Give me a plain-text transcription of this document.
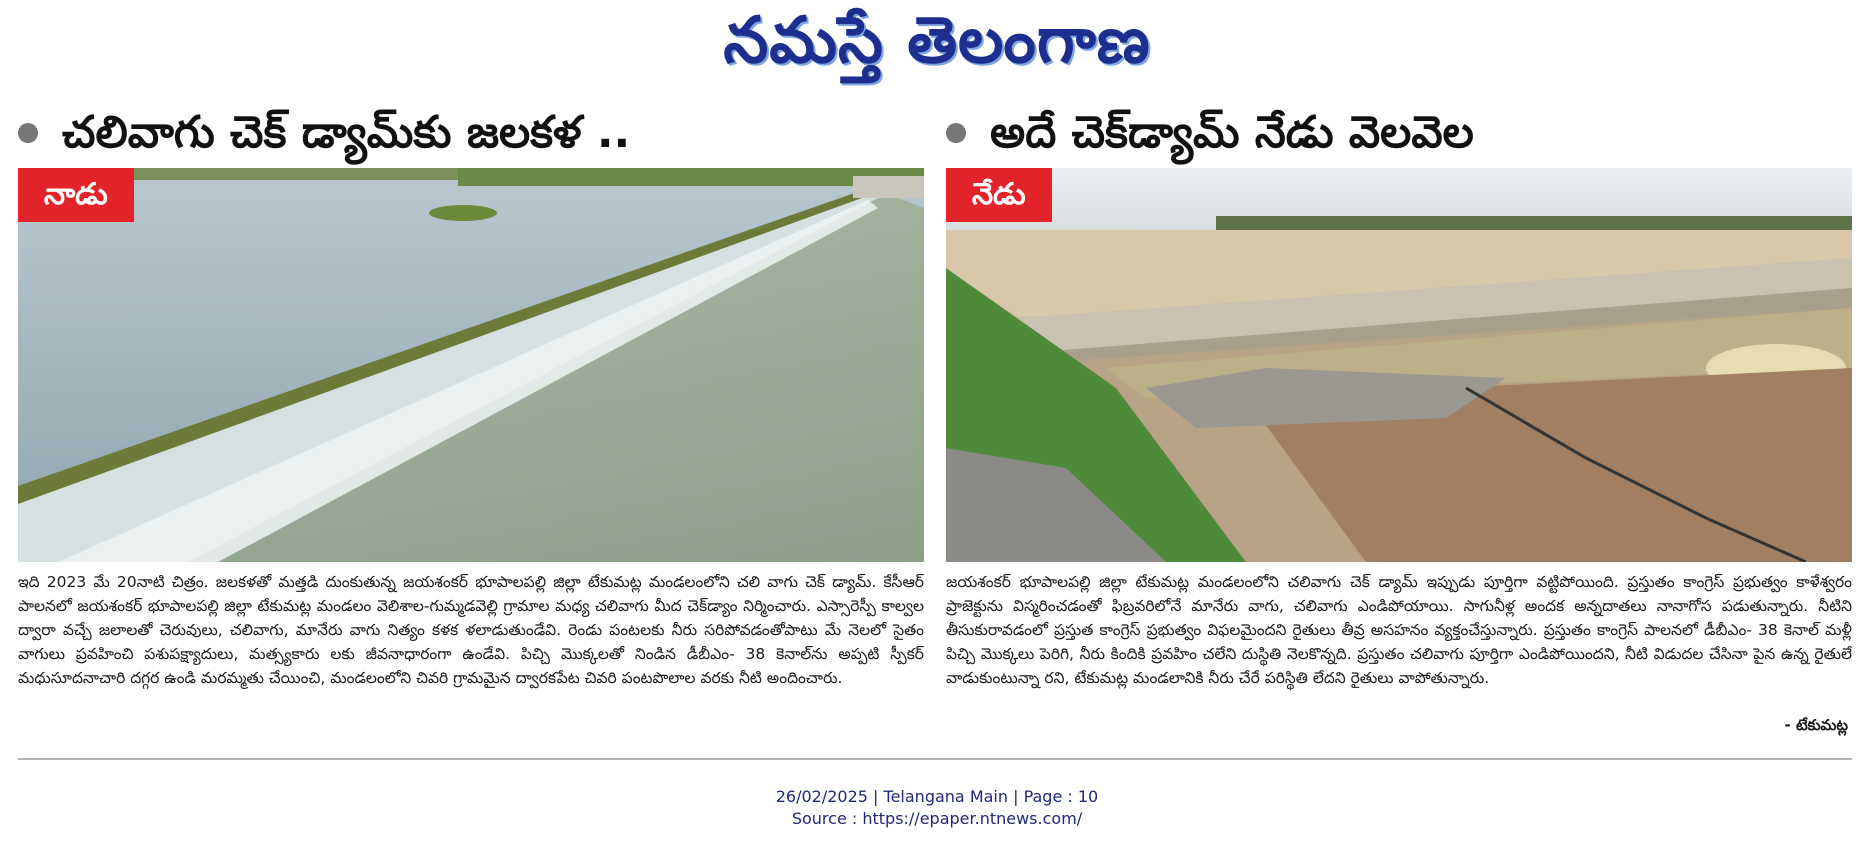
నమస్తే తెలంగాణ
చలివాగు చెక్ డ్యామ్‌కు జలకళ ..
నాడు
ఇది 2023 మే 20నాటి చిత్రం. జలకళతో మత్తడి దుంకుతున్న జయశంకర్ భూపాలపల్లి జిల్లా టేకుమట్ల మండలంలోని చలి వాగు చెక్ డ్యామ్. కేసీఆర్ పాలనలో జయశంకర్ భూపాలపల్లి జిల్లా టేకుమట్ల మండలం వెలిశాల-గుమ్మడవెల్లి గ్రామాల మధ్య చలివాగు మీద చెక్‌డ్యాం నిర్మించారు. ఎస్సారెస్పీ కాల్వల ద్వారా వచ్చే జలాలతో చెరువులు, చలివాగు, మానేరు వాగు నిత్యం కళక ళలాడుతుండేవి. రెండు పంటలకు నీరు సరిపోవడంతోపాటు మే నెలలో సైతం వాగులు ప్రవహించి పశుపక్ష్యాదులు, మత్స్యకారు లకు జీవనాధారంగా ఉండేవి. పిచ్చి మొక్కలతో నిండిన డీబీఎం- 38 కెనాల్‌ను అప్పటి స్పీకర్ మధుసూదనాచారి దగ్గర ఉండి మరమ్మతు చేయించి, మండలంలోని చివరి గ్రామమైన ద్వారకపేట చివరి పంటపొలాల వరకు నీటి అందించారు.
అదే చెక్‌డ్యామ్ నేడు వెలవెల
నేడు
జయశంకర్ భూపాలపల్లి జిల్లా టేకుమట్ల మండలంలోని చలివాగు చెక్ డ్యామ్ ఇప్పుడు పూర్తిగా వట్టిపోయింది. ప్రస్తుతం కాంగ్రెస్ ప్రభుత్వం కాళేశ్వరం ప్రాజెక్టును విస్మరించడంతో ఫిబ్రవరిలోనే మానేరు వాగు, చలివాగు ఎండిపోయాయి. సాగునీళ్ల అందక అన్నదాతలు నానాగోస పడుతున్నారు. నీటిని తీసుకురావడంలో ప్రస్తుత కాంగ్రెస్ ప్రభుత్వం విఫలమైందని రైతులు తీవ్ర అసహనం వ్యక్తంచేస్తున్నారు. ప్రస్తుతం కాంగ్రెస్ పాలనలో డీబీఎం- 38 కెనాల్ మళ్లీ పిచ్చి మొక్కలు పెరిగి, నీరు కిందికి ప్రవహిం చలేని దుస్థితి నెలకొన్నది. ప్రస్తుతం చలివాగు పూర్తిగా ఎండిపోయిందని, నీటి విడుదల చేసినా పైన ఉన్న రైతులే వాడుకుంటున్నా రని, టేకుమట్ల మండలానికి నీరు చేరే పరిస్థితి లేదని రైతులు వాపోతున్నారు.
- టేకుమట్ల
26/02/2025 | Telangana Main | Page : 10
Source : https://epaper.ntnews.com/
